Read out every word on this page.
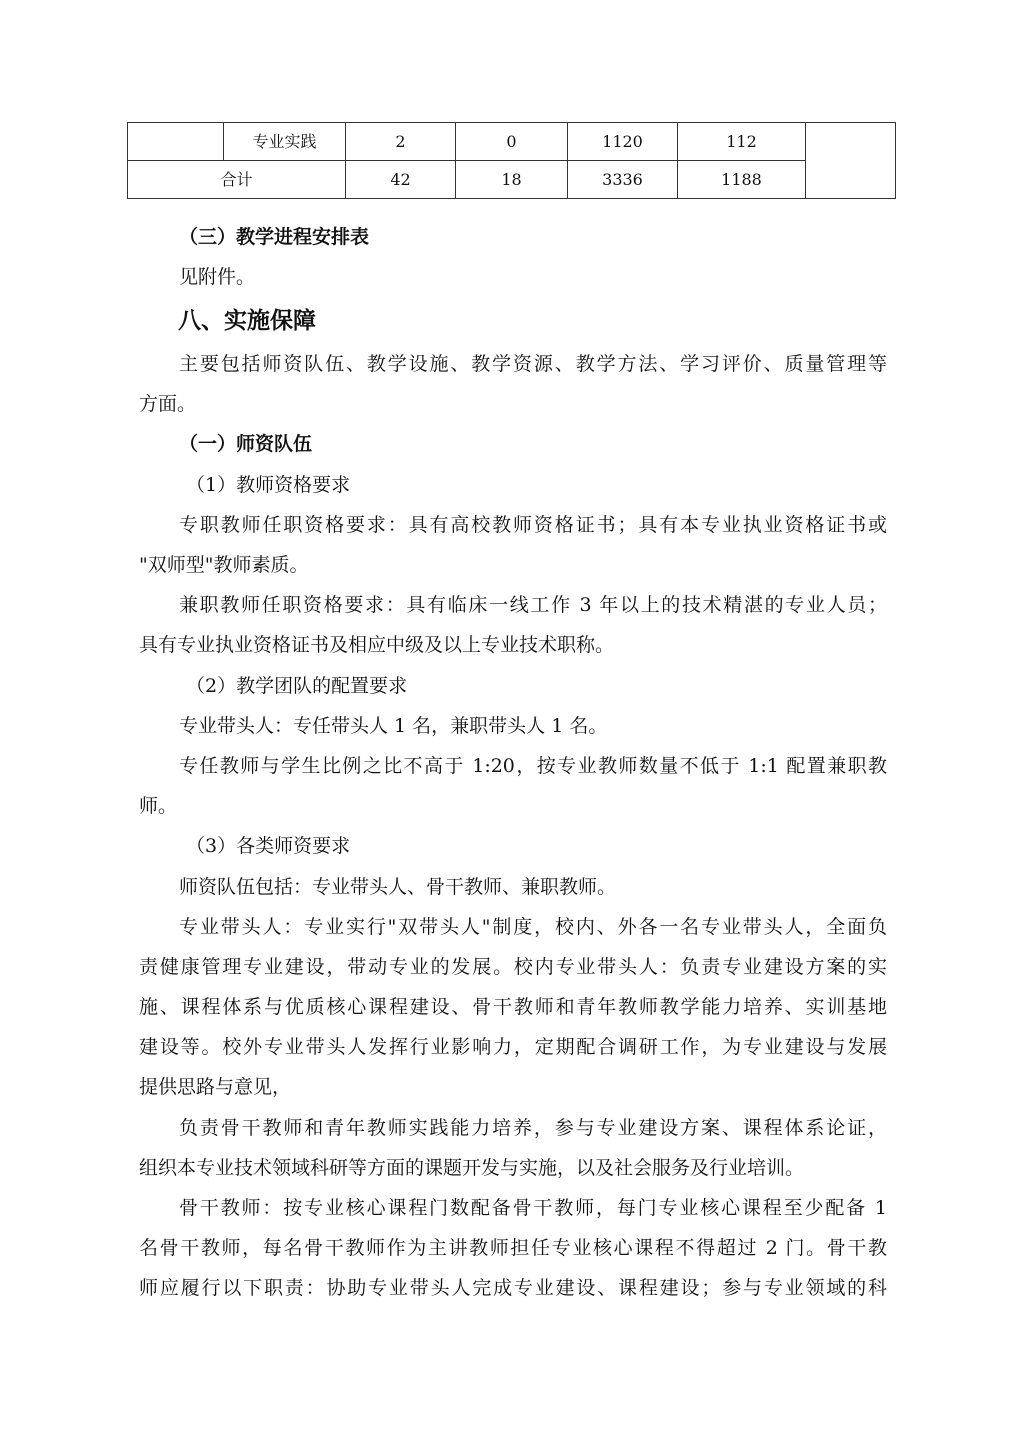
	专业实践	2	0	1120	112	
合计		42	18	3336	1188	
（三）教学进程安排表
见附件。
八、实施保障
主要包括师资队伍、教学设施、教学资源、教学方法、学习评价、质量管理等
方面。
（一）师资队伍
（1）教师资格要求
专职教师任职资格要求：具有高校教师资格证书；具有本专业执业资格证书或
"双师型"教师素质。
兼职教师任职资格要求：具有临床一线工作 3 年以上的技术精湛的专业人员；
具有专业执业资格证书及相应中级及以上专业技术职称。
（2）教学团队的配置要求
专业带头人：专任带头人 1 名，兼职带头人 1 名。
专任教师与学生比例之比不高于 1:20，按专业教师数量不低于 1:1 配置兼职教
师。
（3）各类师资要求
师资队伍包括：专业带头人、骨干教师、兼职教师。
专业带头人：专业实行"双带头人"制度，校内、外各一名专业带头人，全面负
责健康管理专业建设，带动专业的发展。校内专业带头人：负责专业建设方案的实
施、课程体系与优质核心课程建设、骨干教师和青年教师教学能力培养、实训基地
建设等。校外专业带头人发挥行业影响力，定期配合调研工作，为专业建设与发展
提供思路与意见，
负责骨干教师和青年教师实践能力培养，参与专业建设方案、课程体系论证，
组织本专业技术领域科研等方面的课题开发与实施，以及社会服务及行业培训。
骨干教师：按专业核心课程门数配备骨干教师，每门专业核心课程至少配备 1
名骨干教师，每名骨干教师作为主讲教师担任专业核心课程不得超过 2 门。骨干教
师应履行以下职责：协助专业带头人完成专业建设、课程建设；参与专业领域的科
